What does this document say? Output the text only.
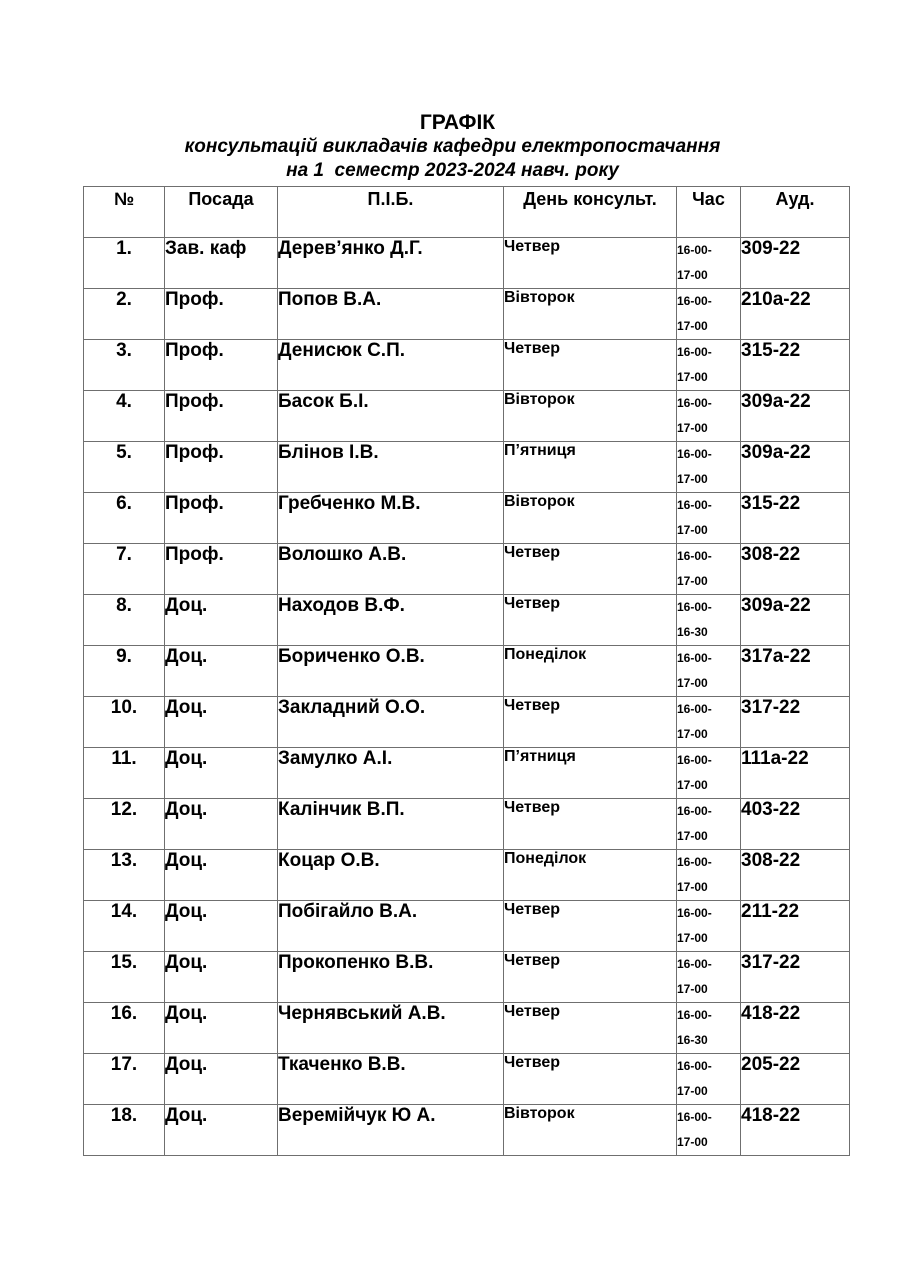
ГРАФІК
консультацій викладачів кафедри електропостачання
на 1  семестр 2023-2024 навч. року
№	Посада	П.І.Б.	День консульт.	Час	Ауд.

1.	Зав. каф	Дерев’янко Д.Г.	Четвер	16-00-
17-00	309-22

2.	Проф.	Попов В.А.	Вівторок	16-00-
17-00	210а-22

3.	Проф.	Денисюк С.П.	Четвер	16-00-
17-00	315-22

4.	Проф.	Басок Б.І.	Вівторок	16-00-
17-00	309а-22

5.	Проф.	Блінов І.В.	П’ятниця	16-00-
17-00	309а-22

6.	Проф.	Гребченко М.В.	Вівторок	16-00-
17-00	315-22

7.	Проф.	Волошко А.В.	Четвер	16-00-
17-00	308-22

8.	Доц.	Находов В.Ф.	Четвер	16-00-
16-30	309а-22

9.	Доц.	Бориченко О.В.	Понеділок	16-00-
17-00	317а-22

10.	Доц.	Закладний О.О.	Четвер	16-00-
17-00	317-22

11.	Доц.	Замулко А.І.	П’ятниця	16-00-
17-00	111а-22

12.	Доц.	Калінчик В.П.	Четвер	16-00-
17-00	403-22

13.	Доц.	Коцар О.В.	Понеділок	16-00-
17-00	308-22

14.	Доц.	Побігайло В.А.	Четвер	16-00-
17-00	211-22

15.	Доц.	Прокопенко В.В.	Четвер	16-00-
17-00	317-22

16.	Доц.	Чернявський А.В.	Четвер	16-00-
16-30	418-22

17.	Доц.	Ткаченко В.В.	Четвер	16-00-
17-00	205-22

18.	Доц.	Веремійчук Ю А.	Вівторок	16-00-
17-00	418-22
